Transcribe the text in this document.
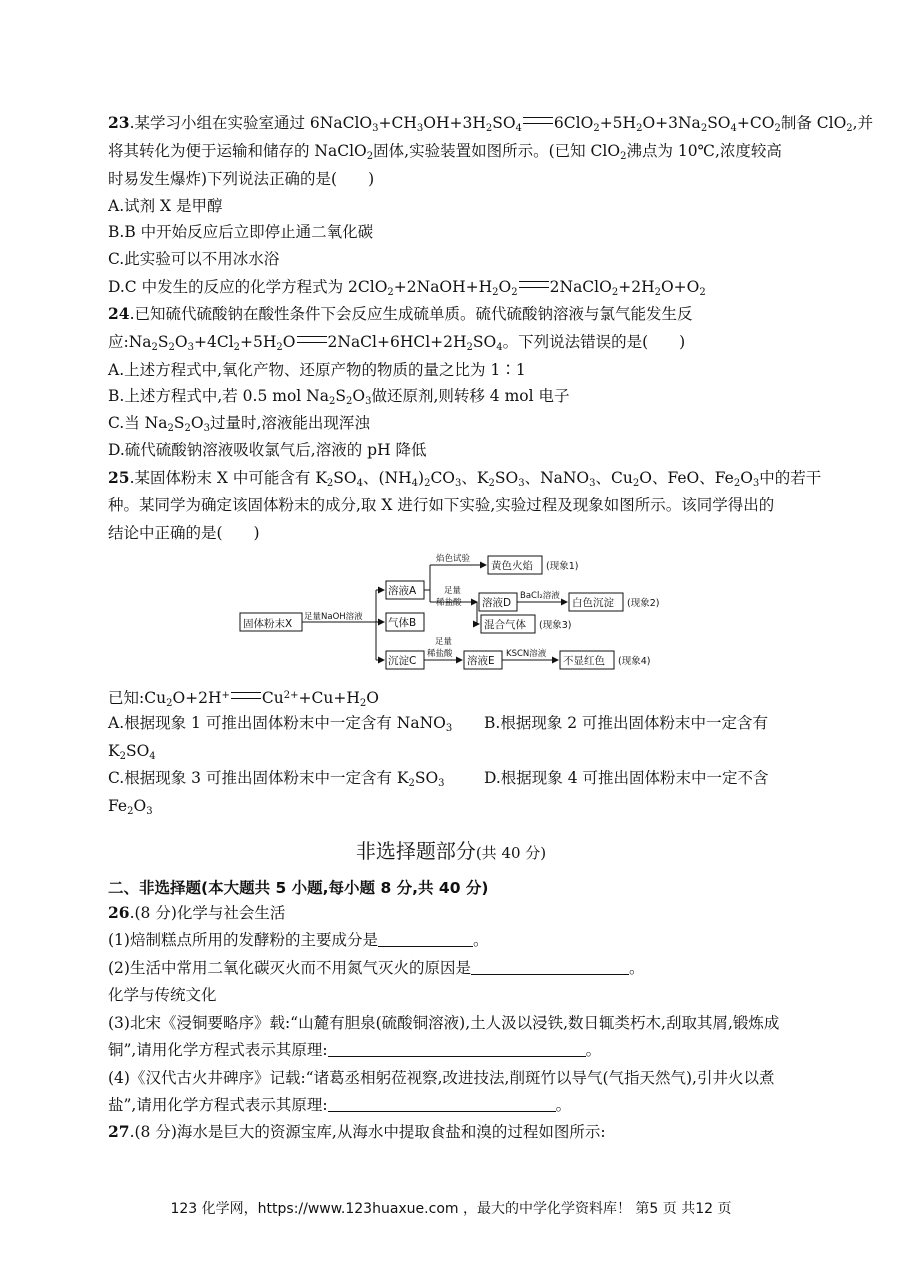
23.某学习小组在实验室通过 $6NaClO_3+CH_3OH+3H_2SO_4$ $6ClO_2+5H_2O+3Na_2SO_4+CO_2$制备 ClO$_2$,并
将其转化为便于运输和储存的 NaClO$_2$固体,实验装置如图所示。(已知 ClO$_2$沸点为 10℃,浓度较高
时易发生爆炸)下列说法正确的是(　　)
A.试剂 X 是甲醇
B.B 中开始反应后立即停止通二氧化碳
C.此实验可以不用冰水浴
D.C 中发生的反应的化学方程式为 $2ClO_2+2NaOH+H_2O_2$ $2NaClO_2+2H_2O+O_2$
24.已知硫代硫酸钠在酸性条件下会反应生成硫单质。硫代硫酸钠溶液与氯气能发生反
应$:Na_2S_2O_3+4Cl_2+5H_2O$ $2NaCl+6HCl+2H_2SO_4$。下列说法错误的是(　　)
A.上述方程式中,氧化产物、还原产物的物质的量之比为 1∶1
B.上述方程式中,若 0.5 mol $Na_2S_2O_3$做还原剂,则转移 4 mol 电子
C.当 $Na_2S_2O_3$过量时,溶液能出现浑浊
D.硫代硫酸钠溶液吸收氯气后,溶液的 pH 降低
25.某固体粉末 X 中可能含有 $K_2SO_4$、$(NH_4)_2CO_3$、$K_2SO_3$、NaNO$_3$、$Cu_2O$、FeO、$Fe_2O_3$中的若干
种。某同学为确定该固体粉末的成分,取 X 进行如下实验,实验过程及现象如图所示。该同学得出的
结论中正确的是(　　)
固体粉末X
足量NaOH溶液
溶液A
气体B
沉淀C
焰色试验
黄色火焰 (现象1)
足量
稀盐酸 溶液D
BaCl₂溶液
白色沉淀 (现象2)
混合气体 (现象3)
足量
稀盐酸
溶液E
KSCN溶液
不显红色 (现象4)
已知$:Cu_2O+2H^+$ $Cu^{2+}+Cu+H_2O$
A.根据现象 1 可推出固体粉末中一定含有 NaNO$_3$ B.根据现象 2 可推出固体粉末中一定含有
$K_2SO_4$
C.根据现象 3 可推出固体粉末中一定含有 $K_2SO_3$	D.根据现象 4 可推出固体粉末中一定不含
$Fe_2O_3$
非选择题部分(共 40 分)
二、非选择题(本大题共 5 小题,每小题 8 分,共 40 分)
26.(8 分)化学与社会生活
(1)焙制糕点所用的发酵粉的主要成分是	。
(2)生活中常用二氧化碳灭火而不用氮气灭火的原因是	。
化学与传统文化
(3)北宋《浸铜要略序》载:“山麓有胆泉(硫酸铜溶液),土人汲以浸铁,数日辄类朽木,刮取其屑,锻炼成
铜”,请用化学方程式表示其原理:	。
(4)《汉代古火井碑序》记载:“诸葛丞相躬莅视察,改进技法,削斑竹以导气(气指天然气),引井火以煮
盐”,请用化学方程式表示其原理:	。
27.(8 分)海水是巨大的资源宝库,从海水中提取食盐和溴的过程如图所示:
123 化学网，https://www.123huaxue.com ，最大的中学化学资料库！ 第5 页 共12 页
